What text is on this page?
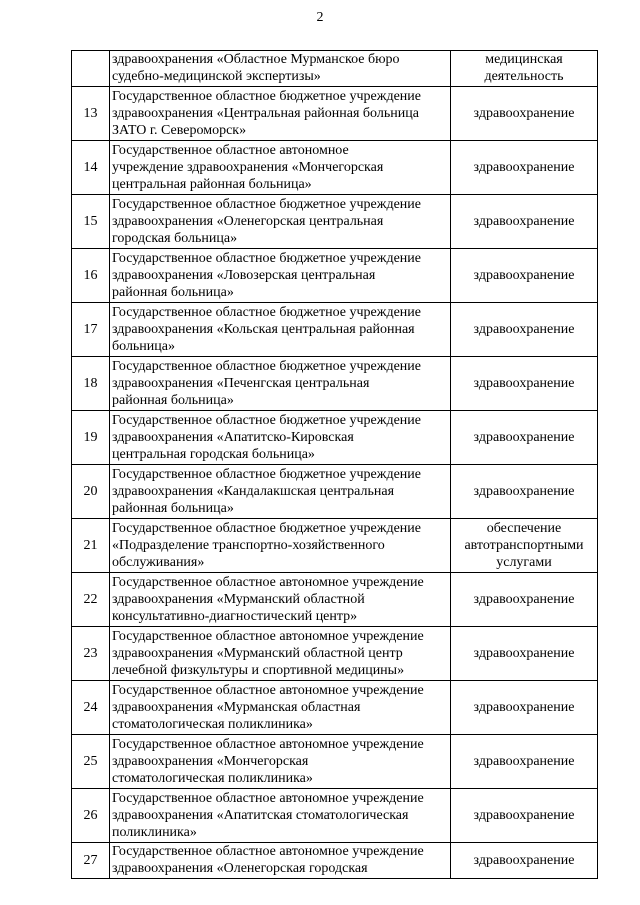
2

	здравоохранения «Областное Мурманское бюро
судебно-медицинской экспертизы»	медицинская деятельность
13	Государственное областное бюджетное учреждение
здравоохранения «Центральная районная больница
ЗАТО г. Североморск»	здравоохранение
14	Государственное областное автономное
учреждение здравоохранения «Мончегорская
центральная районная больница»	здравоохранение
15	Государственное областное бюджетное учреждение
здравоохранения «Оленегорская центральная
городская больница»	здравоохранение
16	Государственное областное бюджетное учреждение
здравоохранения «Ловозерская центральная
районная больница»	здравоохранение
17	Государственное областное бюджетное учреждение
здравоохранения «Кольская центральная районная
больница»	здравоохранение
18	Государственное областное бюджетное учреждение
здравоохранения «Печенгская центральная
районная больница»	здравоохранение
19	Государственное областное бюджетное учреждение
здравоохранения «Апатитско-Кировская
центральная городская больница»	здравоохранение
20	Государственное областное бюджетное учреждение
здравоохранения «Кандалакшская центральная
районная больница»	здравоохранение
21	Государственное областное бюджетное учреждение
«Подразделение транспортно-хозяйственного
обслуживания»	обеспечение автотранспортными услугами
22	Государственное областное автономное учреждение
здравоохранения «Мурманский областной
консультативно-диагностический центр»	здравоохранение
23	Государственное областное автономное учреждение
здравоохранения «Мурманский областной центр
лечебной физкультуры и спортивной медицины»	здравоохранение
24	Государственное областное автономное учреждение
здравоохранения «Мурманская областная
стоматологическая поликлиника»	здравоохранение
25	Государственное областное автономное учреждение
здравоохранения «Мончегорская
стоматологическая поликлиника»	здравоохранение
26	Государственное областное автономное учреждение
здравоохранения «Апатитская стоматологическая
поликлиника»	здравоохранение
27	Государственное областное автономное учреждение
здравоохранения «Оленегорская городская	здравоохранение
